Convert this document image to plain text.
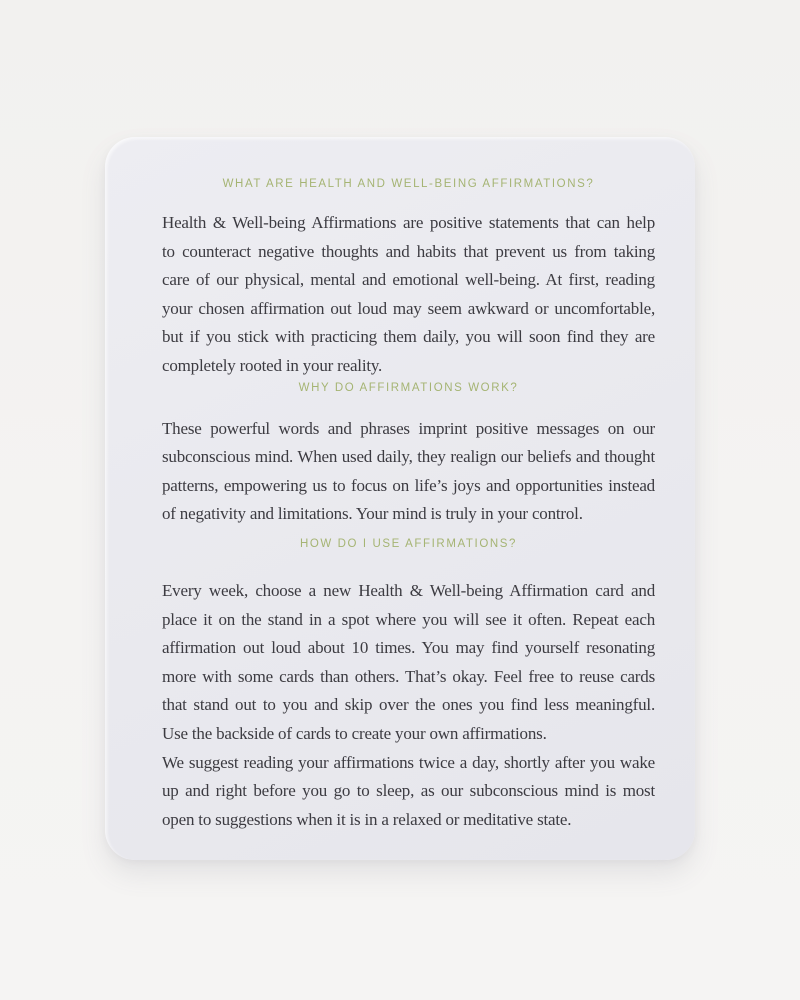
WHAT ARE HEALTH AND WELL-BEING AFFIRMATIONS?
Health & Well-being Affirmations are positive statements that can help
to counteract negative thoughts and habits that prevent us from taking
care of our physical, mental and emotional well-being. At first, reading
your chosen affirmation out loud may seem awkward or uncomfortable,
but if you stick with practicing them daily, you will soon find they are
completely rooted in your reality.
WHY DO AFFIRMATIONS WORK?
These powerful words and phrases imprint positive messages on our
subconscious mind. When used daily, they realign our beliefs and thought
patterns, empowering us to focus on life’s joys and opportunities instead
of negativity and limitations. Your mind is truly in your control.
HOW DO I USE AFFIRMATIONS?
Every week, choose a new Health & Well-being Affirmation card and
place it on the stand in a spot where you will see it often. Repeat each
affirmation out loud about 10 times. You may find yourself resonating
more with some cards than others. That’s okay. Feel free to reuse cards
that stand out to you and skip over the ones you find less meaningful.
Use the backside of cards to create your own affirmations.
We suggest reading your affirmations twice a day, shortly after you wake
up and right before you go to sleep, as our subconscious mind is most
open to suggestions when it is in a relaxed or meditative state.
